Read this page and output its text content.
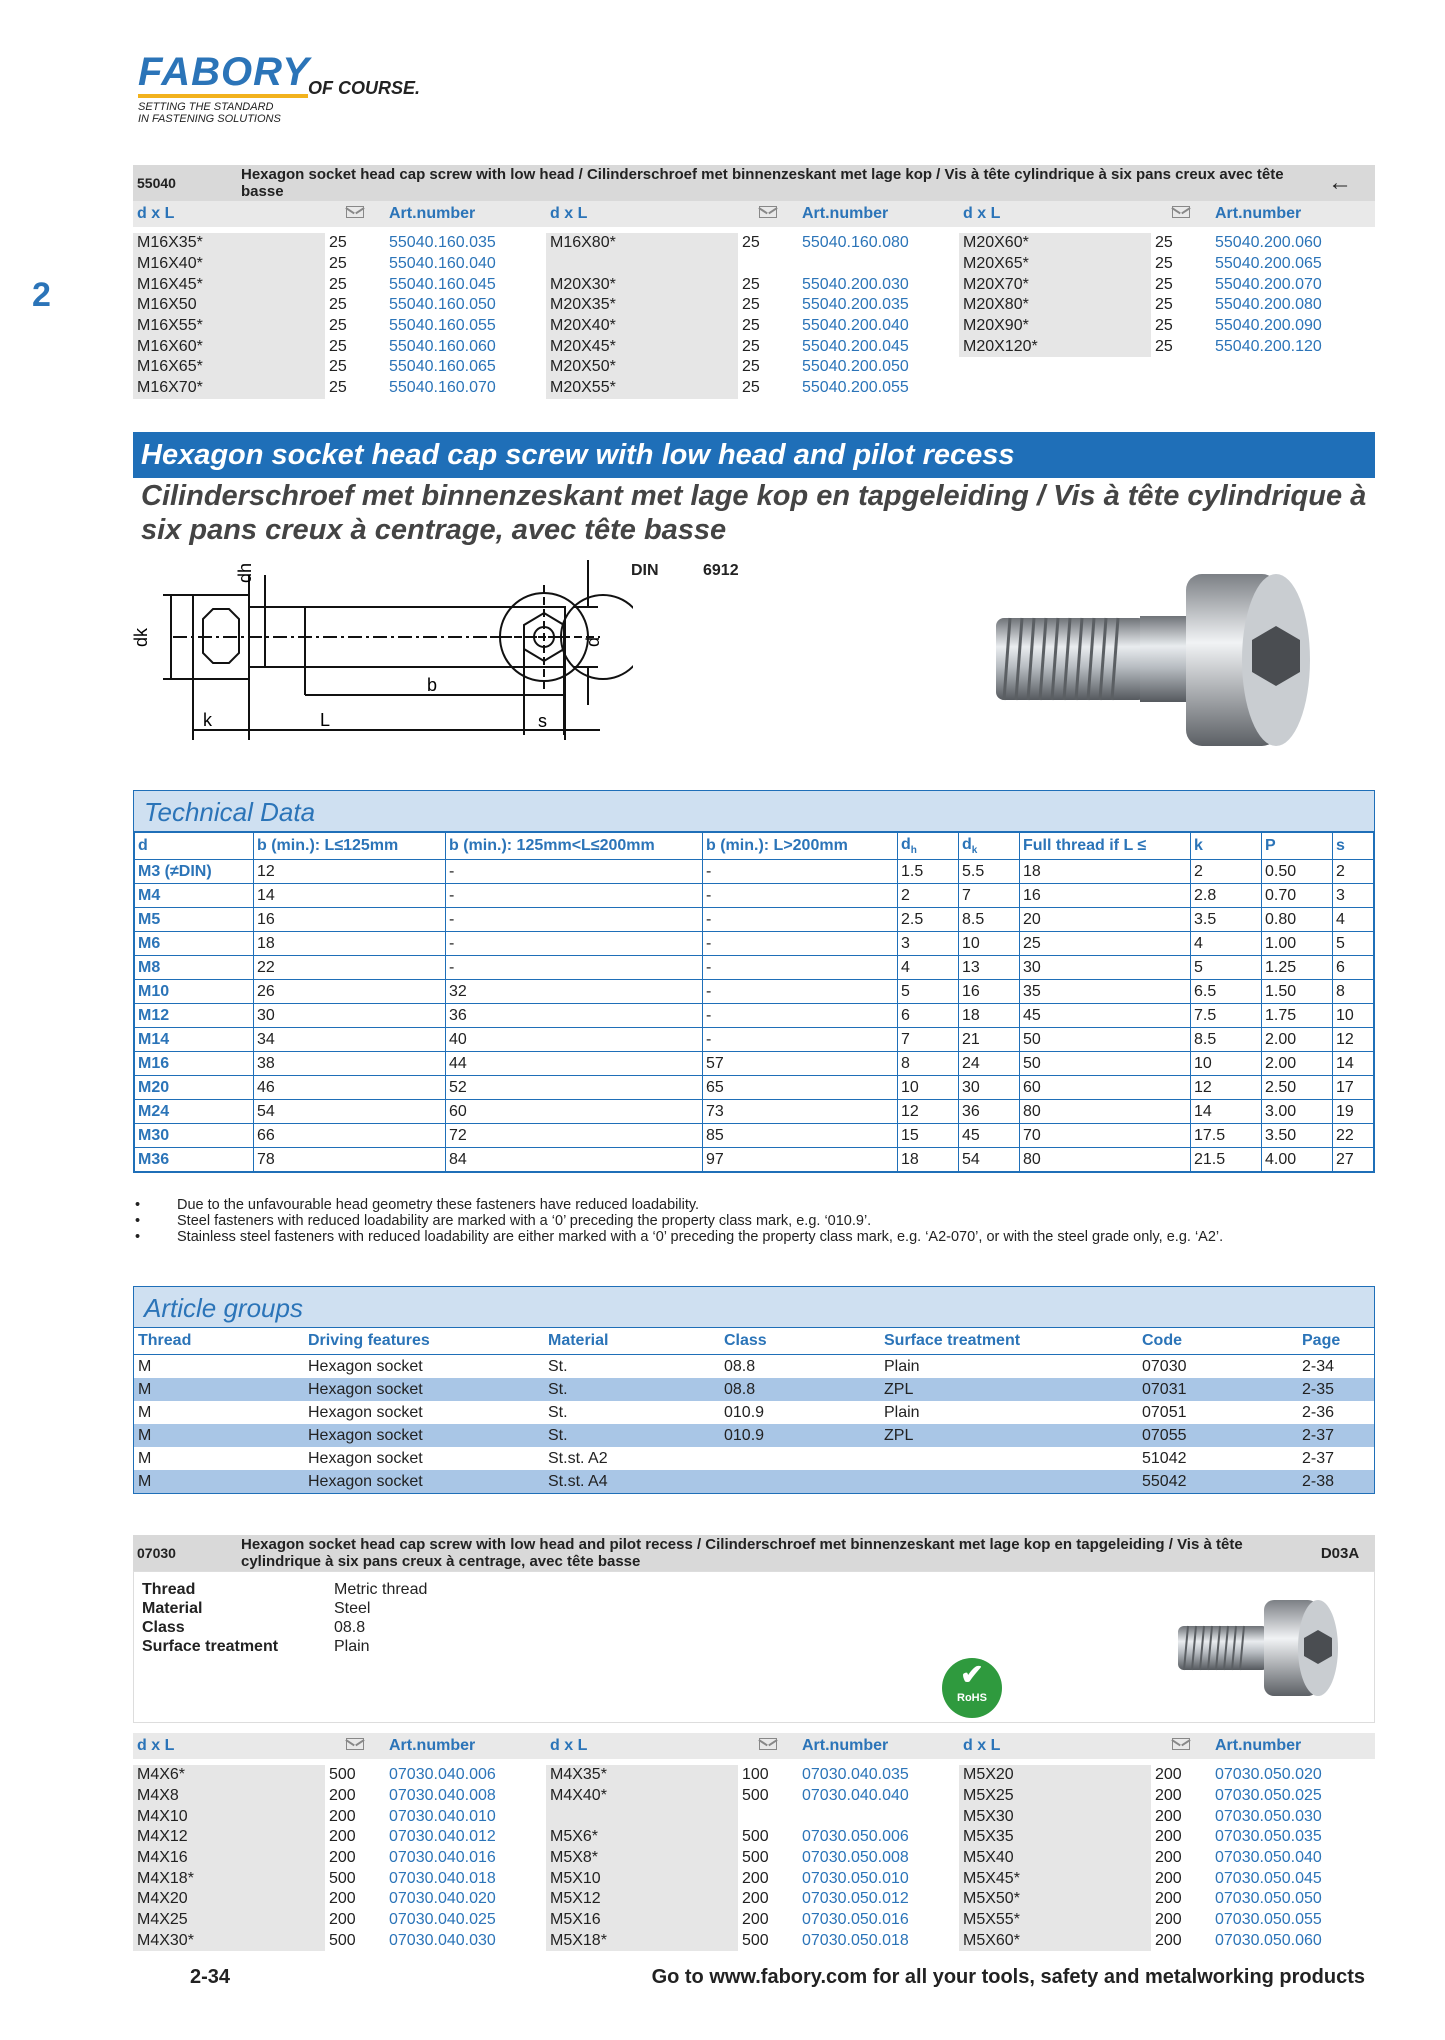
FABORY
OF COURSE.
SETTING THE STANDARD
IN FASTENING SOLUTIONS
2
55040	Hexagon socket head cap screw with low head / Cilinderschroef met binnenzeskant met lage kop / Vis à tête cylindrique à six pans creux avec tête basse	←
d x L	Art.number	d x L	Art.number	d x L	Art.number
M16X35*	25	55040.160.035
M16X40*	25	55040.160.040
M16X45*	25	55040.160.045
M16X50	25	55040.160.050
M16X55*	25	55040.160.055
M16X60*	25	55040.160.060
M16X65*	25	55040.160.065
M16X70*	25	55040.160.070
M16X80*	25	55040.160.080
M20X30*	25	55040.200.030
M20X35*	25	55040.200.035
M20X40*	25	55040.200.040
M20X45*	25	55040.200.045
M20X50*	25	55040.200.050
M20X55*	25	55040.200.055
M20X60*	25	55040.200.060
M20X65*	25	55040.200.065
M20X70*	25	55040.200.070
M20X80*	25	55040.200.080
M20X90*	25	55040.200.090
M20X120*	25	55040.200.120
Hexagon socket head cap screw with low head and pilot recess
Cilinderschroef met binnenzeskant met lage kop en tapgeleiding / Vis à tête cylindrique à six pans creux à centrage, avec tête basse
dk
dh
d
b
k	L	s
DIN	6912
Technical Data
d	b (min.): L≤125mm	b (min.): 125mm<L≤200mm	b (min.): L>200mm	$d_h$	$d_k$	Full thread if L ≤	k	P	s
M3 (≠DIN)	12	-	-	1.5	5.5	18	2	0.50	2
M4	14	-	-	2	7	16	2.8	0.70	3
M5	16	-	-	2.5	8.5	20	3.5	0.80	4
M6	18	-	-	3	10	25	4	1.00	5
M8	22	-	-	4	13	30	5	1.25	6
M10	26	32	-	5	16	35	6.5	1.50	8
M12	30	36	-	6	18	45	7.5	1.75	10
M14	34	40	-	7	21	50	8.5	2.00	12
M16	38	44	57	8	24	50	10	2.00	14
M20	46	52	65	10	30	60	12	2.50	17
M24	54	60	73	12	36	80	14	3.00	19
M30	66	72	85	15	45	70	17.5	3.50	22
M36	78	84	97	18	54	80	21.5	4.00	27
•	Due to the unfavourable head geometry these fasteners have reduced loadability.
•	Steel fasteners with reduced loadability are marked with a ‘0’ preceding the property class mark, e.g. ‘010.9’.
•	Stainless steel fasteners with reduced loadability are either marked with a ‘0’ preceding the property class mark, e.g. ‘A2-070’, or with the steel grade only, e.g. ‘A2’.
Article groups
Thread	Driving features	Material	Class	Surface treatment	Code	Page
M	Hexagon socket	St.	08.8	Plain	07030	2-34
M	Hexagon socket	St.	08.8	ZPL	07031	2-35
M	Hexagon socket	St.	010.9	Plain	07051	2-36
M	Hexagon socket	St.	010.9	ZPL	07055	2-37
M	Hexagon socket	St.st. A2			51042	2-37
M	Hexagon socket	St.st. A4			55042	2-38
07030	Hexagon socket head cap screw with low head and pilot recess / Cilinderschroef met binnenzeskant met lage kop en tapgeleiding / Vis à tête cylindrique à six pans creux à centrage, avec tête basse	D03A
Thread	Metric thread
Material	Steel
Class	08.8
Surface treatment	Plain
✔
RoHS
d x L	Art.number	d x L	Art.number	d x L	Art.number
M4X6*	500	07030.040.006
M4X8	200	07030.040.008
M4X10	200	07030.040.010
M4X12	200	07030.040.012
M4X16	200	07030.040.016
M4X18*	500	07030.040.018
M4X20	200	07030.040.020
M4X25	200	07030.040.025
M4X30*	500	07030.040.030
M4X35*	100	07030.040.035
M4X40*	500	07030.040.040
M5X6*	500	07030.050.006
M5X8*	500	07030.050.008
M5X10	200	07030.050.010
M5X12	200	07030.050.012
M5X16	200	07030.050.016
M5X18*	500	07030.050.018
M5X20	200	07030.050.020
M5X25	200	07030.050.025
M5X30	200	07030.050.030
M5X35	200	07030.050.035
M5X40	200	07030.050.040
M5X45*	200	07030.050.045
M5X50*	200	07030.050.050
M5X55*	200	07030.050.055
M5X60*	200	07030.050.060
2-34	Go to www.fabory.com for all your tools, safety and metalworking products
